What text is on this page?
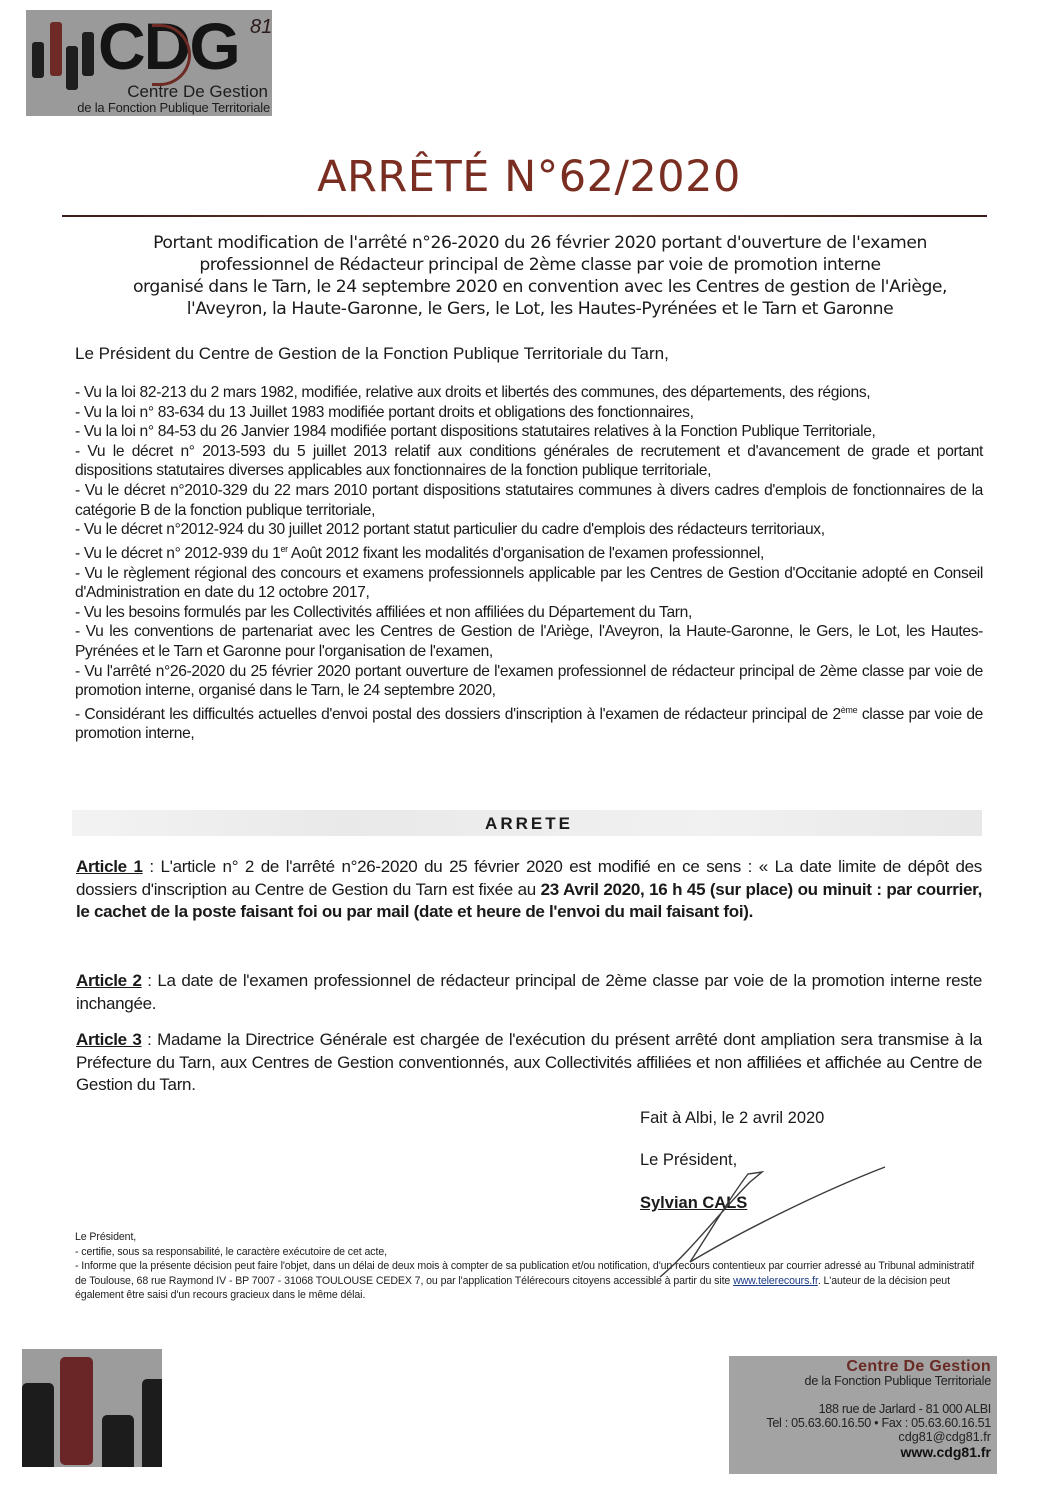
CDG 81
Centre De Gestion
de la Fonction Publique Territoriale
ARRÊTÉ N°62/2020
Portant modification de l'arrêté n°26-2020 du 26 février 2020 portant d'ouverture de l'examen
professionnel de Rédacteur principal de 2ème classe par voie de promotion interne
organisé dans le Tarn, le 24 septembre 2020 en convention avec les Centres de gestion de l'Ariège,
l'Aveyron, la Haute-Garonne, le Gers, le Lot, les Hautes-Pyrénées et le Tarn et Garonne
Le Président du Centre de Gestion de la Fonction Publique Territoriale du Tarn,

- Vu la loi 82-213 du 2 mars 1982, modifiée, relative aux droits et libertés des communes, des départements, des régions,

- Vu la loi n° 83-634 du 13 Juillet 1983 modifiée portant droits et obligations des fonctionnaires,

- Vu la loi n° 84-53 du 26 Janvier 1984 modifiée portant dispositions statutaires relatives à la Fonction Publique Territoriale,

- Vu le décret n° 2013-593 du 5 juillet 2013 relatif aux conditions générales de recrutement et d'avancement de grade et portant dispositions statutaires diverses applicables aux fonctionnaires de la fonction publique territoriale,

- Vu le décret n°2010-329 du 22 mars 2010 portant dispositions statutaires communes à divers cadres d'emplois de fonctionnaires de la catégorie B de la fonction publique territoriale,

- Vu le décret n°2012-924 du 30 juillet 2012 portant statut particulier du cadre d'emplois des rédacteurs territoriaux,

- Vu le décret n° 2012-939 du 1er Août 2012 fixant les modalités d'organisation de l'examen professionnel,

- Vu le règlement régional des concours et examens professionnels applicable par les Centres de Gestion d'Occitanie adopté en Conseil d'Administration en date du 12 octobre 2017,

- Vu les besoins formulés par les Collectivités affiliées et non affiliées du Département du Tarn,

- Vu les conventions de partenariat avec les Centres de Gestion de l'Ariège, l'Aveyron, la Haute-Garonne, le Gers, le Lot, les Hautes-Pyrénées et le Tarn et Garonne pour l'organisation de l'examen,

- Vu l'arrêté n°26-2020 du 25 février 2020 portant ouverture de l'examen professionnel de rédacteur principal de 2ème classe par voie de promotion interne, organisé dans le Tarn, le 24 septembre 2020,

- Considérant les difficultés actuelles d'envoi postal des dossiers d'inscription à l'examen de rédacteur principal de 2ème classe par voie de promotion interne,

ARRETE

Article 1 : L'article n° 2 de l'arrêté n°26-2020 du 25 février 2020 est modifié en ce sens : « La date limite de dépôt des dossiers d'inscription au Centre de Gestion du Tarn est fixée au 23 Avril 2020, 16 h 45 (sur place) ou minuit : par courrier, le cachet de la poste faisant foi ou par mail (date et heure de l'envoi du mail faisant foi).

Article 2 : La date de l'examen professionnel de rédacteur principal de 2ème classe par voie de la promotion interne reste inchangée.

Article 3 : Madame la Directrice Générale est chargée de l'exécution du présent arrêté dont ampliation sera transmise à la Préfecture du Tarn, aux Centres de Gestion conventionnés, aux Collectivités affiliées et non affiliées et affichée au Centre de Gestion du Tarn.

Fait à Albi, le 2 avril 2020
Le Président,
Sylvian CALS

Le Président,

- certifie, sous sa responsabilité, le caractère exécutoire de cet acte,

- Informe que la présente décision peut faire l'objet, dans un délai de deux mois à compter de sa publication et/ou notification, d'un recours contentieux par courrier adressé au Tribunal administratif de Toulouse, 68 rue Raymond IV - BP 7007 - 31068 TOULOUSE CEDEX 7, ou par l'application Télérecours citoyens accessible à partir du site www.telerecours.fr. L'auteur de la décision peut également être saisi d'un recours gracieux dans le même délai.

Centre De Gestion
de la Fonction Publique Territoriale
188 rue de Jarlard - 81 000 ALBI
Tel : 05.63.60.16.50 • Fax : 05.63.60.16.51
cdg81@cdg81.fr
www.cdg81.fr
